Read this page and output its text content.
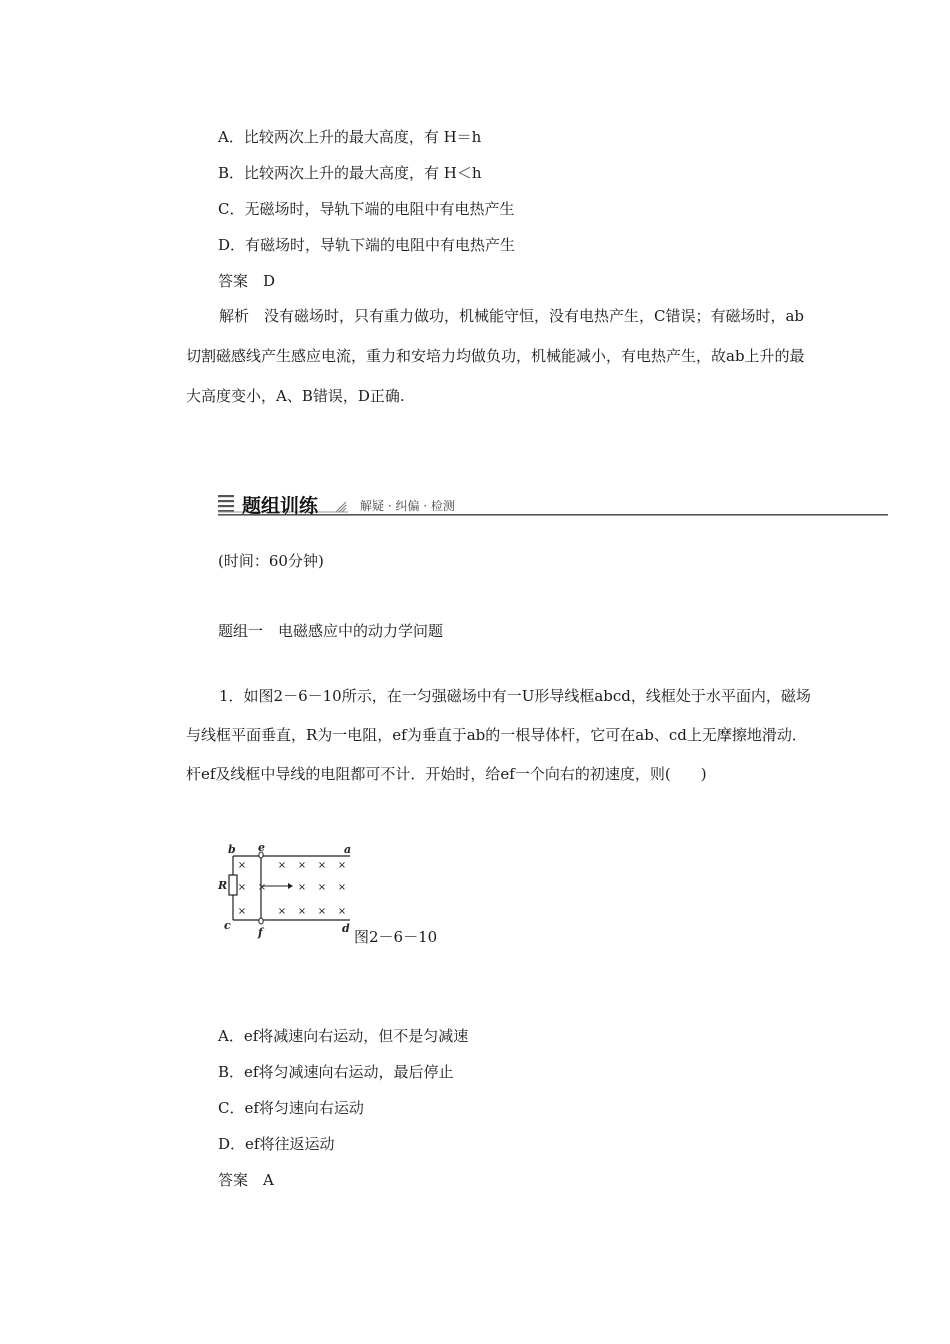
A．比较两次上升的最大高度，有 H＝h
B．比较两次上升的最大高度，有 H＜h
C．无磁场时，导轨下端的电阻中有电热产生
D．有磁场时，导轨下端的电阻中有电热产生
答案　D
解析　没有磁场时，只有重力做功，机械能守恒，没有电热产生，C错误；有磁场时，ab切割磁感线产生感应电流，重力和安培力均做负功，机械能减小，有电热产生，故ab上升的最大高度变小，A、B错误，D正确.
题组训练	解疑 · 纠偏 · 检测
(时间：60分钟)
题组一　电磁感应中的动力学问题
1．如图2－6－10所示，在一匀强磁场中有一U形导线框abcd，线框处于水平面内，磁场与线框平面垂直，R为一电阻，ef为垂直于ab的一根导体杆，它可在ab、cd上无摩擦地滑动．杆ef及线框中导线的电阻都可不计．开始时，给ef一个向右的初速度，则(　　)
×	× × × ×
× ×	× × ×
×	× × × ×
b e	a
R
c
f	d 图2－6－10
A．ef将减速向右运动，但不是匀减速
B．ef将匀减速向右运动，最后停止
C．ef将匀速向右运动
D．ef将往返运动
答案　A
